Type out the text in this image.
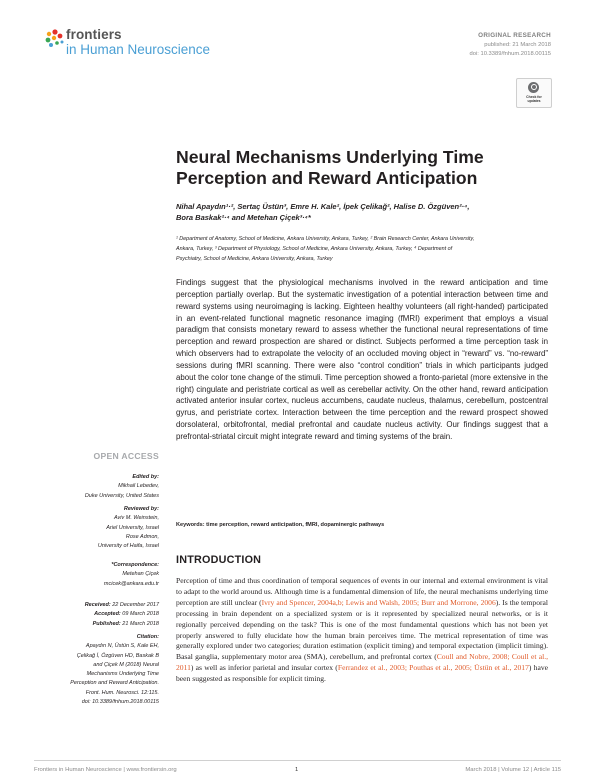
frontiers
in Human Neuroscience
ORIGINAL RESEARCH
published: 21 March 2018
doi: 10.3389/fnhum.2018.00115
Check for
updates
Neural Mechanisms Underlying Time
Perception and Reward Anticipation
Nihal Apaydın¹·², Sertaç Üstün³, Emre H. Kale², İpek Çelikağ², Halise D. Özgüven²·⁴,
Bora Baskak²·⁴ and Metehan Çiçek³·⁴*
¹ Department of Anatomy, School of Medicine, Ankara University, Ankara, Turkey, ² Brain Research Center, Ankara University,
Ankara, Turkey, ³ Department of Physiology, School of Medicine, Ankara University, Ankara, Turkey, ⁴ Department of
Psychiatry, School of Medicine, Ankara University, Ankara, Turkey
Findings suggest that the physiological mechanisms involved in the reward anticipation and time perception partially overlap. But the systematic investigation of a potential interaction between time and reward systems using neuroimaging is lacking. Eighteen healthy volunteers (all right-handed) participated in an event-related functional magnetic resonance imaging (fMRI) experiment that employs a visual paradigm that consists monetary reward to assess whether the functional neural representations of time perception and reward prospection are shared or distinct. Subjects performed a time perception task in which observers had to extrapolate the velocity of an occluded moving object in “reward” vs. “no-reward” sessions during fMRI scanning. There were also “control condition” trials in which participants judged about the color tone change of the stimuli. Time perception showed a fronto-parietal (more extensive in the right) cingulate and peristriate cortical as well as cerebellar activity. On the other hand, reward anticipation activated anterior insular cortex, nucleus accumbens, caudate nucleus, thalamus, cerebellum, postcentral gyrus, and peristriate cortex. Interaction between the time perception and the reward prospect showed dorsolateral, orbitofrontal, medial prefrontal and caudate nucleus activity. Our findings suggest that a prefrontal-striatal circuit might integrate reward and timing systems of the brain.
Keywords: time perception, reward anticipation, fMRI, dopaminergic pathways
OPEN ACCESS
Edited by:
Mikhail Lebedev,
Duke University, United States
Reviewed by:
Aviv M. Weinstein,
Ariel University, Israel
Rose Admon,
University of Haifa, Israel
*Correspondence:
Metehan Çiçek
mcicek@ankara.edu.tr
Received: 22 December 2017
Accepted: 09 March 2018
Published: 21 March 2018
Citation:
Apaydın N, Üstün S, Kale EH,
Çelikağ İ, Özgüven HD, Baskak B
and Çiçek M (2018) Neural
Mechanisms Underlying Time
Perception and Reward Anticipation.
Front. Hum. Neurosci. 12:115.
doi: 10.3389/fnhum.2018.00115
INTRODUCTION
Perception of time and thus coordination of temporal sequences of events in our internal and external environment is vital to adapt to the world around us. Although time is a fundamental dimension of life, the neural mechanisms underlying time perception are still unclear (Ivry and Spencer, 2004a,b; Lewis and Walsh, 2005; Burr and Morrone, 2006). Is the temporal processing in brain dependent on a specialized system or is it represented by specialized neural networks, or is it regionally perceived depending on the task? This is one of the most fundamental questions which has not been yet properly answered to fully elucidate how the human brain perceives time. The metrical representation of time was generally explored under two categories; duration estimation (explicit timing) and temporal expectation (implicit timing). Basal ganglia, supplementary motor area (SMA), cerebellum, and prefrontal cortex (Coull and Nobre, 2008; Coull et al., 2011) as well as inferior parietal and insular cortex (Ferrandez et al., 2003; Pouthas et al., 2005; Üstün et al., 2017) have been suggested as responsible for explicit timing.
Frontiers in Human Neuroscience | www.frontiersin.org	1	March 2018 | Volume 12 | Article 115
